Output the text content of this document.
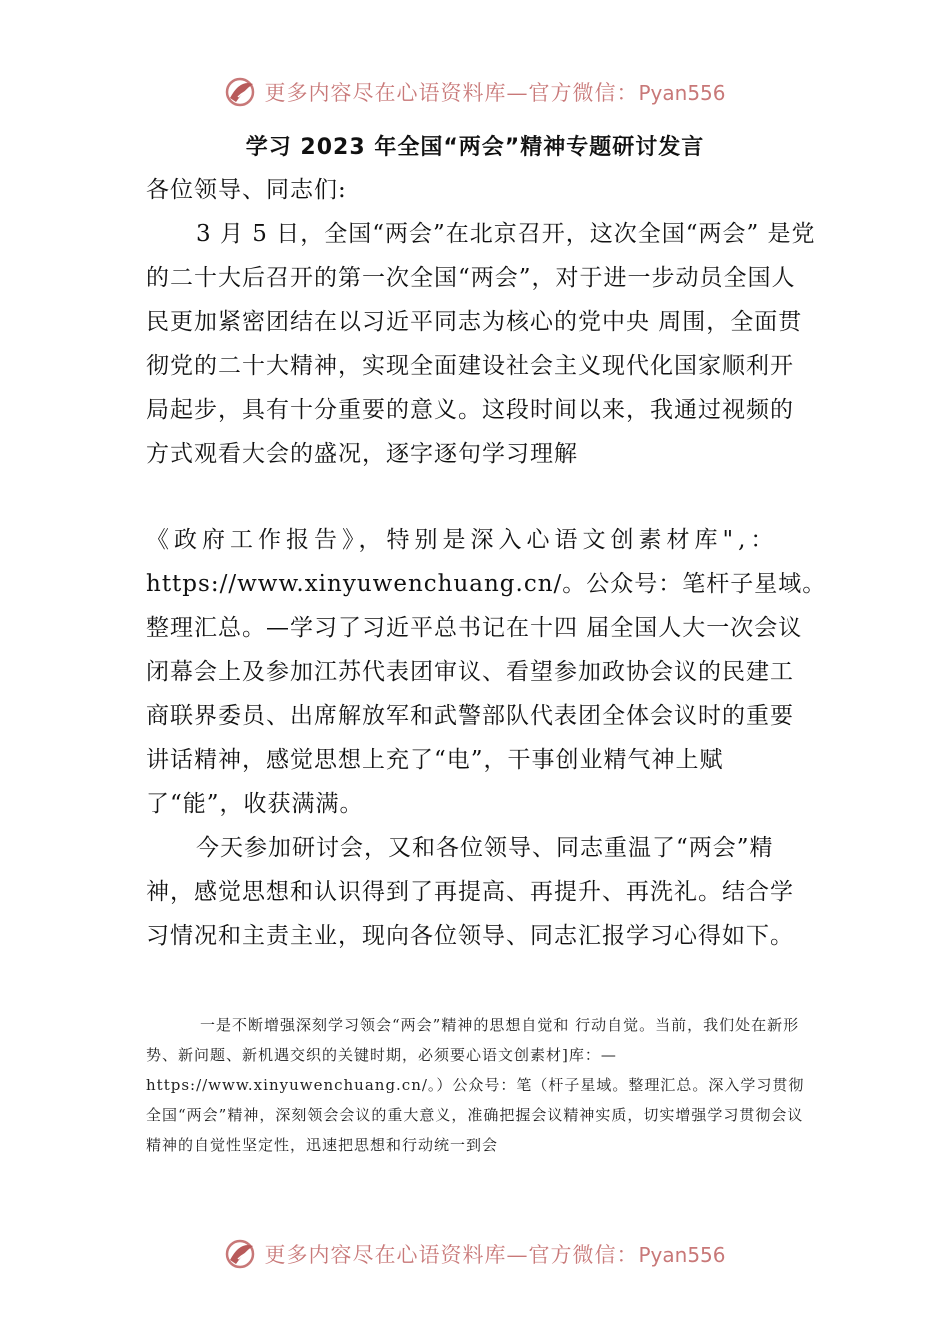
更多内容尽在心语资料库—官方微信：Pyan556
学习 2023 年全国“两会”精神专题研讨发言
各位领导、同志们:
3 月 5 日，全国“两会”在北京召开，这次全国“两会” 是党的二十大后召开的第一次全国“两会”，对于进一步动员全国人民更加紧密团结在以习近平同志为核心的党中央 周围，全面贯彻党的二十大精神，实现全面建设社会主义现代化国家顺利开局起步，具有十分重要的意义。这段时间以来，我通过视频的方式观看大会的盛况，逐字逐句学习理解
《政府工作报告》，特别是深入心语文创素材库",：
https://www.xinyuwenchuang.cn/。公众号：笔杆子星域。
整理汇总。—学习了习近平总书记在十四 届全国人大一次会议闭幕会上及参加江苏代表团审议、看望参加政协会议的民建工商联界委员、出席解放军和武警部队代表团全体会议时的重要讲话精神，感觉思想上充了“电”，干事创业精气神上赋了“能”，收获满满。
今天参加研讨会，又和各位领导、同志重温了“两会”精神，感觉思想和认识得到了再提高、再提升、再洗礼。结合学习情况和主责主业，现向各位领导、同志汇报学习心得如下。
一是不断增强深刻学习领会“两会”精神的思想自觉和 行动自觉。当前，我们处在新形势、新问题、新机遇交织的关键时期，必须要心语文创素材]库：—https://www.xinyuwenchuang.cn/。）公众号：笔（杆子星域。整理汇总。深入学习贯彻全国“两会”精神，深刻领会会议的重大意义，准确把握会议精神实质，切实增强学习贯彻会议精神的自觉性坚定性，迅速把思想和行动统一到会
更多内容尽在心语资料库—官方微信：Pyan556
